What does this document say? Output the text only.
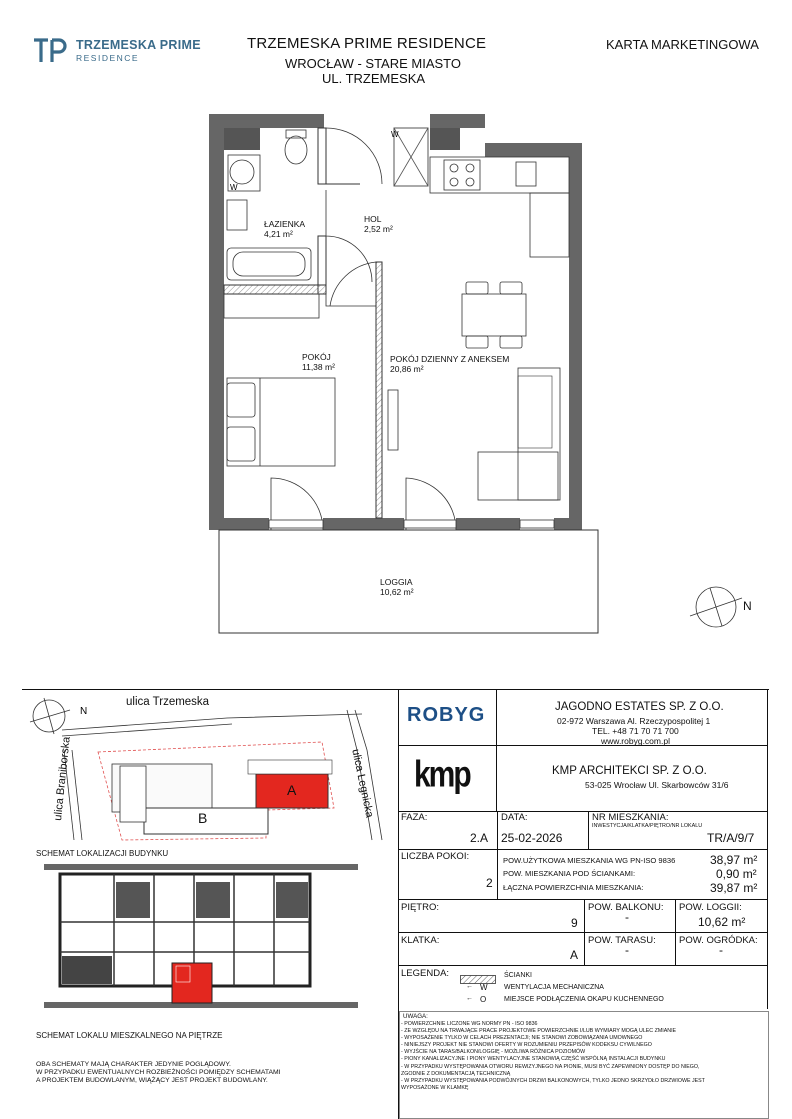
TRZEMESKA PRIME
RESIDENCE
TRZEMESKA PRIME RESIDENCE
WROCŁAW - STARE MIASTO
UL. TRZEMESKA
KARTA MARKETINGOWA
W
W
ŁAZIENKA
4,21 m²
HOL
2,52 m²
POKÓJ
11,38 m²
POKÓJ DZIENNY Z ANEKSEM
20,86 m²
LOGGIA
10,62 m²
N
N
ulica Trzemeska
ulica Braniborska	ulica Legnicka
A
B
SCHEMAT LOKALIZACJI BUDYNKU
SCHEMAT LOKALU MIESZKALNEGO NA PIĘTRZE
OBA SCHEMATY MAJĄ CHARAKTER JEDYNIE POGLĄDOWY.
W PRZYPADKU EWENTUALNYCH ROZBIEŻNOŚCI POMIĘDZY SCHEMATAMI
A PROJEKTEM BUDOWLANYM, WIĄŻĄCY JEST PROJEKT BUDOWLANY.
ROBYG	JAGODNO ESTATES SP. Z O.O.
02-972 Warszawa Al. Rzeczypospolitej 1
TEL. +48 71 70 71 700
www.robyg.com.pl
kmp	KMP ARCHITEKCI SP. Z O.O.
53-025 Wrocław Ul. Skarbowców 31/6
FAZA:
2.A
DATA:
25-02-2026
NR MIESZKANIA:
INWESTYCJA/KLATKA/PIĘTRO/NR LOKALU
TR/A/9/7
LICZBA POKOI:
2
POW.UŻYTKOWA MIESZKANIA WG PN-ISO 9836	38,97 m²
POW. MIESZKANIA POD ŚCIANKAMI:	0,90 m²
ŁĄCZNA POWIERZCHNIA MIESZKANIA:	39,87 m²
PIĘTRO:
9
POW. BALKONU:
-
POW. LOGGII:
10,62 m²
KLATKA:
A
POW. TARASU:
-
POW. OGRÓDKA:
-
LEGENDA:	ŚCIANKI
← W WENTYLACJA MECHANICZNA
← O	MIEJSCE PODŁĄCZENIA OKAPU KUCHENNEGO
UWAGA:
- POWIERZCHNIE LICZONE WG NORMY PN - ISO 9836
- ZE WZGLĘDU NA TRWAJĄCE PRACE PROJEKTOWE POWIERZCHNIE I/LUB WYMIARY MOGĄ ULEC ZMIANIE
- WYPOSAŻENIE TYLKO W CELACH PREZENTACJI; NIE STANOWI ZOBOWIĄZANIA UMOWNEGO
- NINIEJSZY PROJEKT NIE STANOWI OFERTY W ROZUMIENIU PRZEPISÓW KODEKSU CYWILNEGO
- WYJŚCIE NA TARAS/BALKON/LOGGIĘ - MOŻLIWA RÓŻNICA POZIOMÓW
- PIONY KANALIZACYJNE I PIONY WENTYLACYJNE STANOWIĄ CZĘŚĆ WSPÓLNĄ INSTALACJI BUDYNKU
- W PRZYPADKU WYSTĘPOWANIA OTWORU REWIZYJNEGO NA PIONIE, MUSI BYĆ ZAPEWNIONY DOSTĘP DO NIEGO,
ZGODNIE Z DOKUMENTACJĄ TECHNICZNĄ
- W PRZYPADKU WYSTĘPOWANIA PODWÓJNYCH DRZWI BALKONOWYCH, TYLKO JEDNO SKRZYDŁO DRZWIOWE JEST
WYPOSAŻONE W KLAMKĘ
